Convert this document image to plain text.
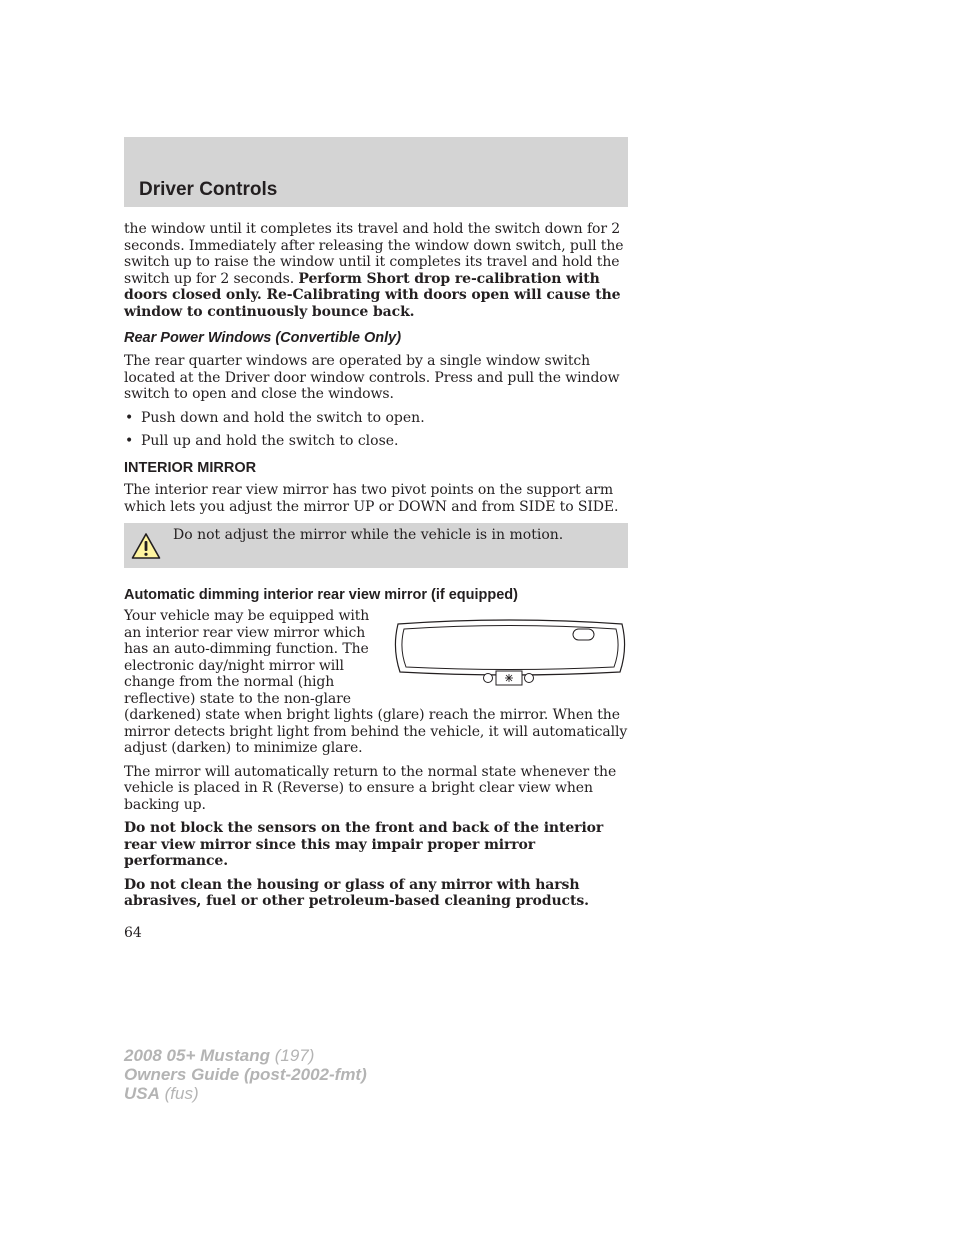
Driver Controls

the window until it completes its travel and hold the switch down for 2 seconds. Immediately after releasing the window down switch, pull the switch up to raise the window until it completes its travel and hold the switch up for 2 seconds. Perform Short drop re-calibration with doors closed only. Re-Calibrating with doors open will cause the window to continuously bounce back.

Rear Power Windows (Convertible Only)

The rear quarter windows are operated by a single window switch located at the Driver door window controls. Press and pull the window switch to open and close the windows.

• Push down and hold the switch to open.
• Pull up and hold the switch to close.
INTERIOR MIRROR

The interior rear view mirror has two pivot points on the support arm which lets you adjust the mirror UP or DOWN and from SIDE to SIDE.

Do not adjust the mirror while the vehicle is in motion.
Automatic dimming interior rear view mirror (if equipped)

Your vehicle may be equipped with
an interior rear view mirror which
has an auto-dimming function. The
electronic day/night mirror will
change from the normal (high
reflective) state to the non-glare
(darkened) state when bright lights (glare) reach the mirror. When the mirror detects bright light from behind the vehicle, it will automatically adjust (darken) to minimize glare.

The mirror will automatically return to the normal state whenever the vehicle is placed in R (Reverse) to ensure a bright clear view when backing up.

Do not block the sensors on the front and back of the interior rear view mirror since this may impair proper mirror performance.

Do not clean the housing or glass of any mirror with harsh abrasives, fuel or other petroleum-based cleaning products.

64
2008 05+ Mustang (197)
Owners Guide (post-2002-fmt)
USA (fus)
